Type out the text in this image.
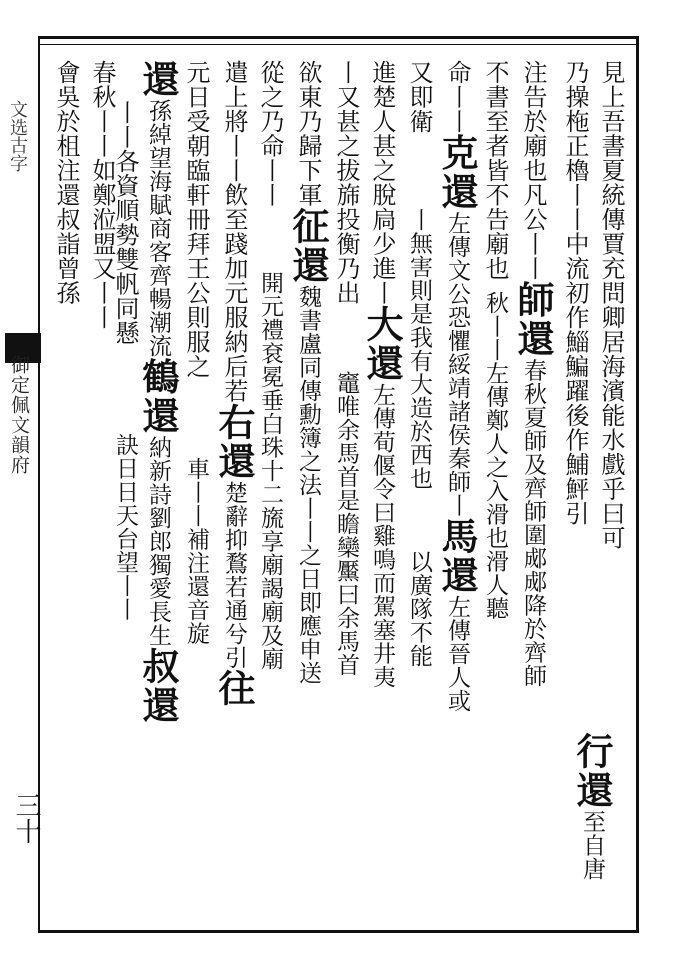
文选古字
御定佩文韻府
三十
見上吾書夏統傳賈充問卿居海濱能水戲乎曰可
乃操柂正櫓丨丨中流初作鯔鯿躍後作鯆鮃引
行還至自唐
注告於廟也凡公丨丨師還春秋夏師及齊師圍郕郕降於齊師
不書至者皆不告廟也秋丨丨左傳鄭人之入滑也滑人聽
命丨丨克還左傳文公恐懼綏靖諸侯秦師丨馬還左傳晉人或
又即衛丨無害則是我有大造於西也以廣隊不能
進楚人甚之脫扃少進丨大還左傳荀偃令曰雞鳴而駕塞井夷
丨又甚之拔旆投衡乃出竈唯余馬首是瞻欒黶曰余馬首
欲東乃歸下軍征還魏書盧同傳勳簿之法丨丨之日即應申送
從之乃命丨丨開元禮袞冕垂白珠十二旒享廟謁廟及廟
遣上將丨丨飲至踐加元服納后若右還楚辭抑鶩若通兮引往
元日受朝臨軒冊拜王公則服之車丨丨補注還音旋
還孫綽望海賦商客齊暢潮流鶴還納新詩劉郎獨愛長生叔還
丨丨各資順勢雙帆同懸訣日日天台望丨丨
春秋丨丨如鄭涖盟又丨丨
會吳於柤注還叔詣曾孫
